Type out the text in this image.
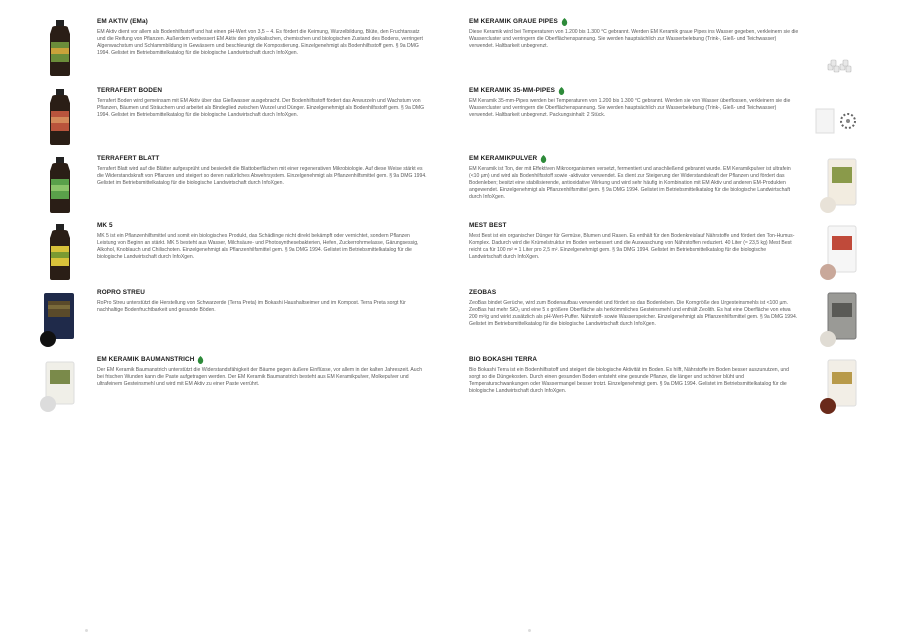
EM AKTIV (EMa)

EM Aktiv dient vor allem als Bodenhilfsstoff und hat einen pH-Wert von 3,5 – 4. Es fördert die Keimung, Wurzelbildung, Blüte, den Fruchtansatz und die Reifung von Pflanzen. Außerdem verbessert EM Aktiv den physikalischen, chemischen und biologischen Zustand des Bodens, verringert Algenwachstum und Schlammbildung in Gewässern und beschleunigt die Kompostierung. Einzelgenehmigt als Bodenhilfsstoff gem. § 9a DMG 1994. Gelistet im Betriebsmittelkatalog für die biologische Landwirtschaft durch InfoXgen.

TERRAFERT BODEN

Terrafert Boden wird gemeinsam mit EM Aktiv über das Gießwasser ausgebracht. Der Bodenhilfsstoff fördert das Anwurzeln und Wachstum von Pflanzen, Bäumen und Sträuchern und arbeitet als Bindeglied zwischen Wurzel und Dünger. Einzelgenehmigt als Bodenhilfsstoff gem. § 9a DMG 1994. Gelistet im Betriebsmittelkatalog für die biologische Landwirtschaft durch InfoXgen.

TERRAFERT BLATT

Terrafert Blatt wird auf die Blätter aufgesprüht und besiedelt die Blattoberflächen mit einer regenerativen Mikrobiologie. Auf diese Weise stärkt es die Widerstandskraft von Pflanzen und steigert so deren natürliches Abwehrsystem. Einzelgenehmigt als Pflanzenhilfsmittel gem. § 9a DMG 1994. Gelistet im Betriebsmittelkatalog für die biologische Landwirtschaft durch InfoXgen.

MK 5

MK 5 ist ein Pflanzenhilfsmittel und somit ein biologisches Produkt, das Schädlinge nicht direkt bekämpft oder vernichtet, sondern Pflanzen Leistung von Beginn an stärkt. MK 5 besteht aus Wasser, Milchsäure- und Photosynthesebakterien, Hefen, Zuckerrohrmelasse, Gärungsessig, Alkohol, Knoblauch und Chilischoten. Einzelgenehmigt als Pflanzenhilfsmittel gem. § 9a DMG 1994. Gelistet im Betriebsmittelkatalog für die biologische Landwirtschaft durch InfoXgen.

ROPRO STREU

RoPro Streu unterstützt die Herstellung von Schwarzerde (Terra Preta) im Bokashi Haushaltseimer und im Kompost. Terra Preta sorgt für nachhaltige Bodenfruchtbarkeit und gesunde Böden.

EM KERAMIK BAUMANSTRICH

Der EM Keramik Baumanstrich unterstützt die Widerstandsfähigkeit der Bäume gegen äußere Einflüsse, vor allem in der kalten Jahreszeit. Auch bei frischen Wunden kann die Paste aufgetragen werden. Der EM Keramik Baumanstrich besteht aus EM Keramikpulver, Molkepulver und ultrafeinem Gesteinsmehl und wird mit EM Aktiv zu einer Paste verrührt.

EM KERAMIK GRAUE PIPES

Diese Keramik wird bei Temperaturen von 1.200 bis 1.300 °C gebrannt. Werden EM Keramik graue Pipes ins Wasser gegeben, verkleinern sie die Wassercluster und verringern die Oberflächenspannung. Sie werden hauptsächlich zur Wasserbelebung (Trink-, Gieß- und Teichwasser) verwendet. Haltbarkeit unbegrenzt.

EM KERAMIK 35-MM-PIPES

EM Keramik 35-mm-Pipes werden bei Temperaturen von 1.200 bis 1.300 °C gebrannt. Werden sie von Wasser überflossen, verkleinern sie die Wassercluster und verringern die Oberflächenspannung. Sie werden hauptsächlich zur Wasserbelebung (Trink-, Gieß- und Teichwasser) verwendet. Haltbarkeit unbegrenzt. Packungsinhalt: 2 Stück.

EM KERAMIKPULVER

EM Keramik ist Ton, der mit Effektiven Mikroorganismen versetzt, fermentiert und anschließend gebrannt wurde. EM Keramikpulver ist ultrafein (<10 µm) und wird als Bodenhilfsstoff sowie -aktivator verwendet. Es dient zur Steigerung der Widerstandskraft der Pflanzen und fördert das Bodenleben; besitzt eine stabilisierende, antioxidative Wirkung und wird sehr häufig in Kombination mit EM Aktiv und anderen EM-Produkten angewendet. Einzelgenehmigt als Pflanzenhilfsmittel gem. § 9a DMG 1994. Gelistet im Betriebsmittelkatalog für die biologische Landwirtschaft durch InfoXgen.

MEST BEST

Mest Best ist ein organischer Dünger für Gemüse, Blumen und Rasen. Es enthält für den Bodenkreislauf Nährstoffe und fördert den Ton-Humus-Komplex. Dadurch wird die Krümelstruktur im Boden verbessert und die Auswaschung von Nährstoffen reduziert. 40 Liter (≈ 23,5 kg) Mest Best reicht ca für 100 m² = 1 Liter pro 2,5 m². Einzelgenehmigt gem. § 9a DMG 1994. Gelistet im Betriebsmittelkatalog für die biologische Landwirtschaft durch InfoXgen.

ZEOBAS

ZeoBas bindet Gerüche, wird zum Bodenaufbau verwendet und fördert so das Bodenleben. Die Korngröße des Urgesteinsmehls ist <100 µm. ZeoBas hat mehr SiO₂ und eine 5 x größere Oberfläche als herkömmliches Gesteinsmehl und enthält Zeolith. Es hat eine Oberfläche von etwa 200 m²/g und wirkt zusätzlich als pH-Wert-Puffer. Nährstoff- sowie Wasserspeicher. Einzelgenehmigt als Pflanzenhilfsmittel gem. § 9a DMG 1994. Gelistet im Betriebsmittelkatalog für die biologische Landwirtschaft durch InfoXgen.

BIO BOKASHI TERRA

Bio Bokashi Terra ist ein Bodenhilfsstoff und steigert die biologische Aktivität im Boden. Es hilft, Nährstoffe im Boden besser auszunutzen, und sorgt so die Düngekosten. Durch einen gesunden Boden entsteht eine gesunde Pflanze, die länger und schöner blüht und Temperaturschwankungen oder Wassermangel besser trotzt. Einzelgenehmigt gem. § 9a DMG 1994. Gelistet im Betriebsmittelkatalog für die biologische Landwirtschaft durch InfoXgen.
